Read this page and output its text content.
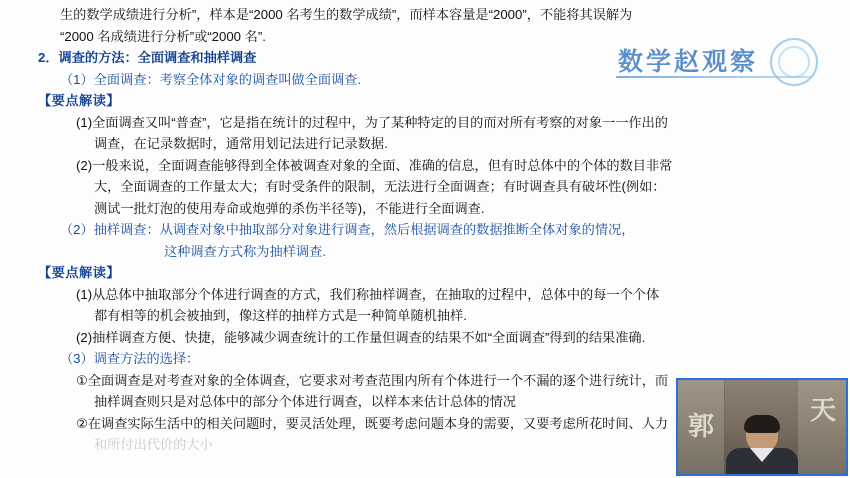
生的数学成绩进行分析”，样本是“2000 名考生的数学成绩”，而样本容量是“2000”，不能将其误解为
“2000 名成绩进行分析”或“2000 名”.
2．调查的方法：全面调查和抽样调查
（1）全面调查：考察全体对象的调查叫做全面调查.
【要点解读】
(1)全面调查又叫“普查”，它是指在统计的过程中，为了某种特定的目的而对所有考察的对象一一作出的
调查，在记录数据时，通常用划记法进行记录数据.
(2)一般来说，全面调查能够得到全体被调查对象的全面、准确的信息，但有时总体中的个体的数目非常
大，全面调查的工作量太大；有时受条件的限制，无法进行全面调查；有时调查具有破坏性(例如：
测试一批灯泡的使用寿命或炮弹的杀伤半径等)，不能进行全面调查.
（2）抽样调查：从调查对象中抽取部分对象进行调查，然后根据调查的数据推断全体对象的情况，
这种调查方式称为抽样调查.
【要点解读】
(1)从总体中抽取部分个体进行调查的方式，我们称抽样调查，在抽取的过程中，总体中的每一个个体
都有相等的机会被抽到，像这样的抽样方式是一种简单随机抽样.
(2)抽样调查方便、快捷，能够减少调查统计的工作量但调查的结果不如“全面调查”得到的结果准确.
（3）调查方法的选择：
①全面调查是对考查对象的全体调查，它要求对考查范围内所有个体进行一个不漏的逐个进行统计，而
抽样调查则只是对总体中的部分个体进行调查，以样本来估计总体的情况
②在调查实际生活中的相关问题时，要灵活处理，既要考虑问题本身的需要，又要考虑所花时间、人力
和所付出代价的大小
数学赵观察
郭
天
